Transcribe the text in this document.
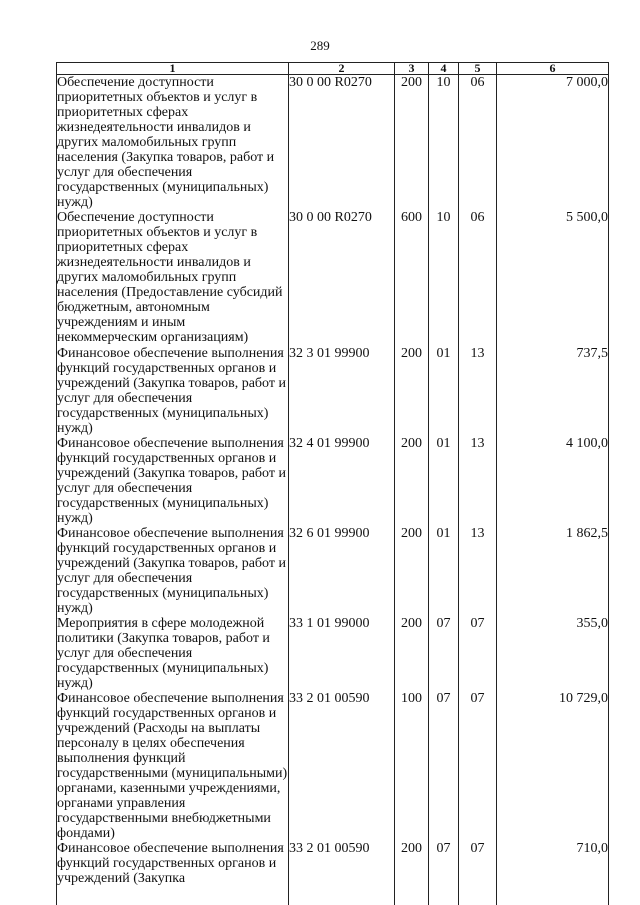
289
1	2	3	4	5	6
Обеспечение доступности приоритетных объектов и услуг в приоритетных сферах жизнедеятельности инвалидов и других маломобильных групп населения (Закупка товаров, работ и услуг для обеспечения государственных (муниципальных) нужд)	30 0 00 R0270	200	10	06	7 000,0
Обеспечение доступности приоритетных объектов и услуг в приоритетных сферах жизнедеятельности инвалидов и других маломобильных групп населения (Предоставление субсидий бюджетным, автономным учреждениям и иным некоммерческим организациям)	30 0 00 R0270	600	10	06	5 500,0
Финансовое обеспечение выполнения функций государственных органов и учреждений (Закупка товаров, работ и услуг для обеспечения государственных (муниципальных) нужд)	32 3 01 99900	200	01	13	737,5
Финансовое обеспечение выполнения функций государственных органов и учреждений (Закупка товаров, работ и услуг для обеспечения государственных (муниципальных) нужд)	32 4 01 99900	200	01	13	4 100,0
Финансовое обеспечение выполнения функций государственных органов и учреждений (Закупка товаров, работ и услуг для обеспечения государственных (муниципальных) нужд)	32 6 01 99900	200	01	13	1 862,5
Мероприятия в сфере молодежной политики (Закупка товаров, работ и услуг для обеспечения государственных (муниципальных) нужд)	33 1 01 99000	200	07	07	355,0
Финансовое обеспечение выполнения функций государственных органов и учреждений (Расходы на выплаты персоналу в целях обеспечения выполнения функций государственными (муниципальными) органами, казенными учреждениями, органами управления государственными внебюджетными фондами)	33 2 01 00590	100	07	07	10 729,0
Финансовое обеспечение выполнения функций государственных органов и учреждений (Закупка	33 2 01 00590	200	07	07	710,0
